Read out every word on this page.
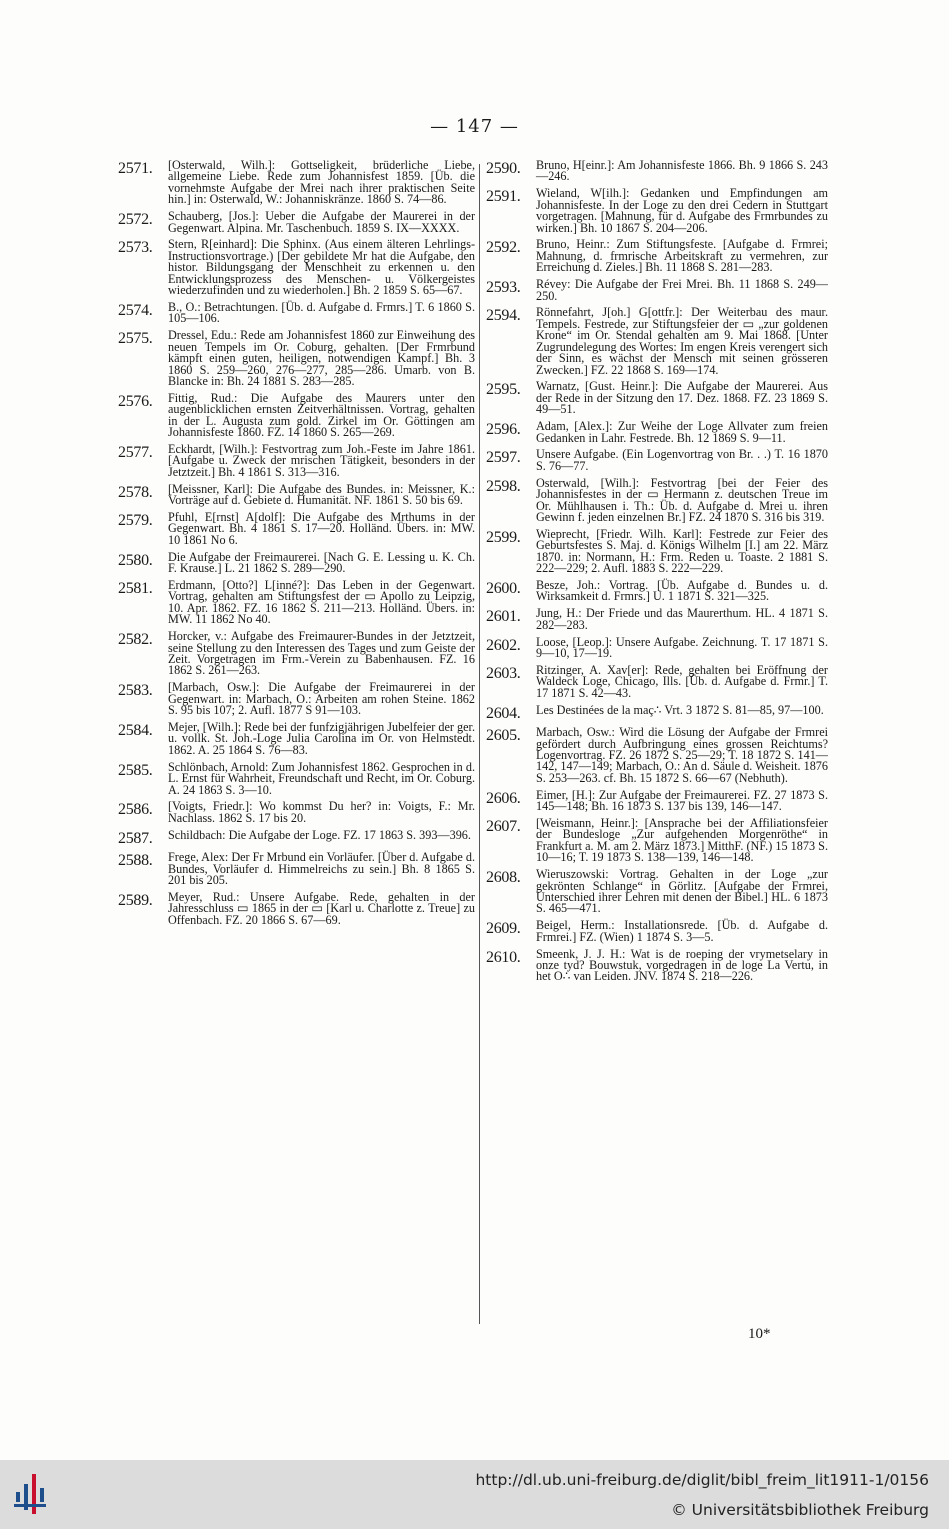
— 147 —
2571.	[Osterwald, Wilh.]: Gottseligkeit, brüderliche Liebe, allgemeine Liebe. Rede zum Johannisfest 1859. [Üb. die vornehmste Aufgabe der Mrei nach ihrer praktischen Seite hin.] in: Osterwald, W.: Johanniskränze. 1860 S. 74—86.
2572.	Schauberg, [Jos.]: Ueber die Aufgabe der Maurerei in der Gegenwart. Alpina. Mr. Taschenbuch. 1859 S. IX—XXXX.
2573.	Stern, R[einhard]: Die Sphinx. (Aus einem älteren Lehrlings-Instructionsvortrage.) [Der gebildete Mr hat die Aufgabe, den histor. Bildungsgang der Menschheit zu erkennen u. den Entwicklungsprozess des Menschen- u. Völkergeistes wiederzufinden und zu wiederholen.] Bh. 2 1859 S. 65—67.
2574.	B., O.: Betrachtungen. [Üb. d. Aufgabe d. Frmrs.] T. 6 1860 S. 105—106.
2575.	Dressel, Edu.: Rede am Johannisfest 1860 zur Einweihung des neuen Tempels im Or. Coburg, gehalten. [Der Frmrbund kämpft einen guten, heiligen, notwendigen Kampf.] Bh. 3 1860 S. 259—260, 276—277, 285—286. Umarb. von B. Blancke in: Bh. 24 1881 S. 283—285.
2576.	Fittig, Rud.: Die Aufgabe des Maurers unter den augenblicklichen ernsten Zeitverhältnissen. Vortrag, gehalten in der L. Augusta zum gold. Zirkel im Or. Göttingen am Johannisfeste 1860. FZ. 14 1860 S. 265—269.
2577.	Eckhardt, [Wilh.]: Festvortrag zum Joh.-Feste im Jahre 1861. [Aufgabe u. Zweck der mrischen Tätigkeit, besonders in der Jetztzeit.] Bh. 4 1861 S. 313—316.
2578.	[Meissner, Karl]: Die Aufgabe des Bundes. in: Meissner, K.: Vorträge auf d. Gebiete d. Humanität. NF. 1861 S. 50 bis 69.
2579.	Pfuhl, E[rnst] A[dolf]: Die Aufgabe des Mrthums in der Gegenwart. Bh. 4 1861 S. 17—20. Holländ. Übers. in: MW. 10 1861 No 6.
2580.	Die Aufgabe der Freimaurerei. [Nach G. E. Lessing u. K. Ch. F. Krause.] L. 21 1862 S. 289—290.
2581.	Erdmann, [Otto?] L[inné?]: Das Leben in der Gegenwart. Vortrag, gehalten am Stiftungsfest der ▭ Apollo zu Leipzig, 10. Apr. 1862. FZ. 16 1862 S. 211—213. Holländ. Übers. in: MW. 11 1862 No 40.
2582.	Horcker, v.: Aufgabe des Freimaurer-Bundes in der Jetztzeit, seine Stellung zu den Interessen des Tages und zum Geiste der Zeit. Vorgetragen im Frm.-Verein zu Babenhausen. FZ. 16 1862 S. 261—263.
2583.	[Marbach, Osw.]: Die Aufgabe der Freimaurerei in der Gegenwart. in: Marbach, O.: Arbeiten am rohen Steine. 1862 S. 95 bis 107; 2. Aufl. 1877 S 91—103.
2584.	Mejer, [Wilh.]: Rede bei der funfzigjährigen Jubelfeier der ger. u. vollk. St. Joh.-Loge Julia Carolina im Or. von Helmstedt. 1862. A. 25 1864 S. 76—83.
2585.	Schlönbach, Arnold: Zum Johannisfest 1862. Gesprochen in d. L. Ernst für Wahrheit, Freundschaft und Recht, im Or. Coburg. A. 24 1863 S. 3—10.
2586.	[Voigts, Friedr.]: Wo kommst Du her? in: Voigts, F.: Mr. Nachlass. 1862 S. 17 bis 20.
2587.	Schildbach: Die Aufgabe der Loge. FZ. 17 1863 S. 393—396.
2588.	Frege, Alex: Der Fr Mrbund ein Vorläufer. [Über d. Aufgabe d. Bundes, Vorläufer d. Himmelreichs zu sein.] Bh. 8 1865 S. 201 bis 205.
2589.	Meyer, Rud.: Unsere Aufgabe. Rede, gehalten in der Jahresschluss ▭ 1865 in der ▭ [Karl u. Charlotte z. Treue] zu Offenbach. FZ. 20 1866 S. 67—69.
2590.	Bruno, H[einr.]: Am Johannisfeste 1866. Bh. 9 1866 S. 243—246.
2591.	Wieland, W[ilh.]: Gedanken und Empfindungen am Johannisfeste. In der Loge zu den drei Cedern in Stuttgart vorgetragen. [Mahnung, für d. Aufgabe des Frmrbundes zu wirken.] Bh. 10 1867 S. 204—206.
2592.	Bruno, Heinr.: Zum Stiftungsfeste. [Aufgabe d. Frmrei; Mahnung, d. frmrische Arbeitskraft zu vermehren, zur Erreichung d. Zieles.] Bh. 11 1868 S. 281—283.
2593.	Révey: Die Aufgabe der Frei Mrei. Bh. 11 1868 S. 249—250.
2594.	Rönnefahrt, J[oh.] G[ottfr.]: Der Weiterbau des maur. Tempels. Festrede, zur Stiftungsfeier der ▭ „zur goldenen Krone“ im Or. Stendal gehalten am 9. Mai 1868. [Unter Zugrundelegung des Wortes: Im engen Kreis verengert sich der Sinn, es wächst der Mensch mit seinen grösseren Zwecken.] FZ. 22 1868 S. 169—174.
2595.	Warnatz, [Gust. Heinr.]: Die Aufgabe der Maurerei. Aus der Rede in der Sitzung den 17. Dez. 1868. FZ. 23 1869 S. 49—51.
2596.	Adam, [Alex.]: Zur Weihe der Loge Allvater zum freien Gedanken in Lahr. Festrede. Bh. 12 1869 S. 9—11.
2597.	Unsere Aufgabe. (Ein Logenvortrag von Br. . .) T. 16 1870 S. 76—77.
2598.	Osterwald, [Wilh.]: Festvortrag [bei der Feier des Johannisfestes in der ▭ Hermann z. deutschen Treue im Or. Mühlhausen i. Th.: Üb. d. Aufgabe d. Mrei u. ihren Gewinn f. jeden einzelnen Br.] FZ. 24 1870 S. 316 bis 319.
2599.	Wieprecht, [Friedr. Wilh. Karl]: Festrede zur Feier des Geburtsfestes S. Maj. d. Königs Wilhelm [I.] am 22. März 1870. in: Normann, H.: Frm. Reden u. Toaste. 2 1881 S. 222—229; 2. Aufl. 1883 S. 222—229.
2600.	Besze, Joh.: Vortrag. [Üb. Aufgabe d. Bundes u. d. Wirksamkeit d. Frmrs.] U. 1 1871 S. 321—325.
2601.	Jung, H.: Der Friede und das Maurerthum. HL. 4 1871 S. 282—283.
2602.	Loose, [Leop.]: Unsere Aufgabe. Zeichnung. T. 17 1871 S. 9—10, 17—19.
2603.	Ritzinger, A. Xav[er]: Rede, gehalten bei Eröffnung der Waldeck Loge, Chicago, Ills. [Üb. d. Aufgabe d. Frmr.] T. 17 1871 S. 42—43.
2604.	Les Destinées de la maç∴ Vrt. 3 1872 S. 81—85, 97—100.
2605.	Marbach, Osw.: Wird die Lösung der Aufgabe der Frmrei gefördert durch Aufbringung eines grossen Reichtums? Logenvortrag. FZ. 26 1872 S. 25—29; T. 18 1872 S. 141—142, 147—149; Marbach, O.: An d. Säule d. Weisheit. 1876 S. 253—263. cf. Bh. 15 1872 S. 66—67 (Nebhuth).
2606.	Eimer, [H.]: Zur Aufgabe der Freimaurerei. FZ. 27 1873 S. 145—148; Bh. 16 1873 S. 137 bis 139, 146—147.
2607.	[Weismann, Heinr.]: [Ansprache bei der Affiliationsfeier der Bundesloge „Zur aufgehenden Morgenröthe“ in Frankfurt a. M. am 2. März 1873.] MitthF. (NF.) 15 1873 S. 10—16; T. 19 1873 S. 138—139, 146—148.
2608.	Wieruszowski: Vortrag. Gehalten in der Loge „zur gekrönten Schlange“ in Görlitz. [Aufgabe der Frmrei, Unterschied ihrer Lehren mit denen der Bibel.] HL. 6 1873 S. 465—471.
2609.	Beigel, Herm.: Installationsrede. [Üb. d. Aufgabe d. Frmrei.] FZ. (Wien) 1 1874 S. 3—5.
2610.	Smeenk, J. J. H.: Wat is de roeping der vrymetselary in onze tyd? Bouwstuk, vorgedragen in de loge La Vertu, in het O∴ van Leiden. JNV. 1874 S. 218—226.
10*
http://dl.ub.uni-freiburg.de/diglit/bibl_freim_lit1911-1/0156
© Universitätsbibliothek Freiburg
